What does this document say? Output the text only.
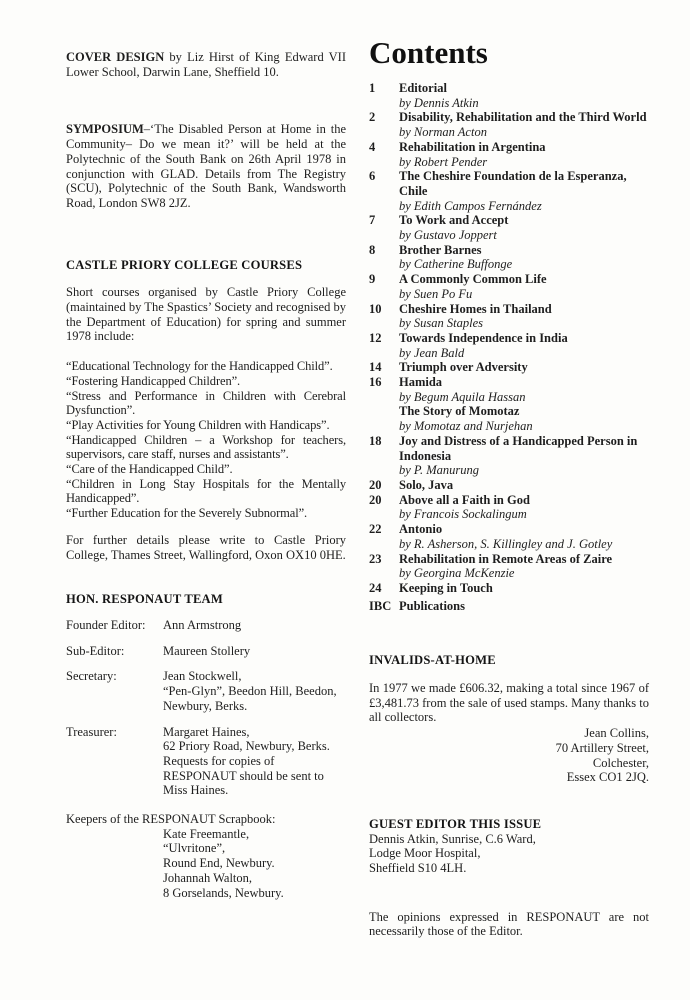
COVER DESIGN by Liz Hirst of King Edward VII Lower School, Darwin Lane, Sheffield 10.

SYMPOSIUM–‘The Disabled Person at Home in the Community– Do we mean it?’ will be held at the Polytechnic of the South Bank on 26th April 1978 in conjunction with GLAD. Details from The Registry (SCU), Polytechnic of the South Bank, Wandsworth Road, London SW8 2JZ.

CASTLE PRIORY COLLEGE COURSES

Short courses organised by Castle Priory College (maintained by The Spastics’ Society and recognised by the Department of Education) for spring and summer 1978 include:

“Educational Technology for the Handicapped Child”.
“Fostering Handicapped Children”.
“Stress and Performance in Children with Cerebral Dysfunction”.
“Play Activities for Young Children with Handicaps”.
“Handicapped Children – a Workshop for teachers, supervisors, care staff, nurses and assistants”.
“Care of the Handicapped Child”.
“Children in Long Stay Hospitals for the Mentally Handicapped”.
“Further Education for the Severely Subnormal”.

For further details please write to Castle Priory College, Thames Street, Wallingford, Oxon OX10 0HE.

HON. RESPONAUT TEAM
Founder Editor:	Ann Armstrong
Sub-Editor:	Maureen Stollery
Secretary:	Jean Stockwell,
“Pen-Glyn”, Beedon Hill, Beedon,
Newbury, Berks.
Treasurer:	Margaret Haines,
62 Priory Road, Newbury, Berks.
Requests for copies of
RESPONAUT should be sent to
Miss Haines.
Keepers of the RESPONAUT Scrapbook:
Kate Freemantle,
“Ulvritone”,
Round End, Newbury.
Johannah Walton,
8 Gorselands, Newbury.
Contents
1	Editorial
by Dennis Atkin
2	Disability, Rehabilitation and the Third World
by Norman Acton
4	Rehabilitation in Argentina
by Robert Pender
6	The Cheshire Foundation de la Esperanza, Chile
by Edith Campos Fernández
7	To Work and Accept
by Gustavo Joppert
8	Brother Barnes
by Catherine Buffonge
9	A Commonly Common Life
by Suen Po Fu
10	Cheshire Homes in Thailand
by Susan Staples
12	Towards Independence in India
by Jean Bald
14	Triumph over Adversity
16	Hamida
by Begum Aquila Hassan
The Story of Momotaz
by Momotaz and Nurjehan
18	Joy and Distress of a Handicapped Person in Indonesia
by P. Manurung
20	Solo, Java
20	Above all a Faith in God
by Francois Sockalingum
22	Antonio
by R. Asherson, S. Killingley and J. Gotley
23	Rehabilitation in Remote Areas of Zaire
by Georgina McKenzie
24	Keeping in Touch
IBC Publications
INVALIDS-AT-HOME

In 1977 we made £606.32, making a total since 1967 of £3,481.73 from the sale of used stamps. Many thanks to all collectors.

Jean Collins,
70 Artillery Street,
Colchester,
Essex CO1 2JQ.
GUEST EDITOR THIS ISSUE
Dennis Atkin, Sunrise, C.6 Ward,
Lodge Moor Hospital,
Sheffield S10 4LH.

The opinions expressed in RESPONAUT are not necessarily those of the Editor.
